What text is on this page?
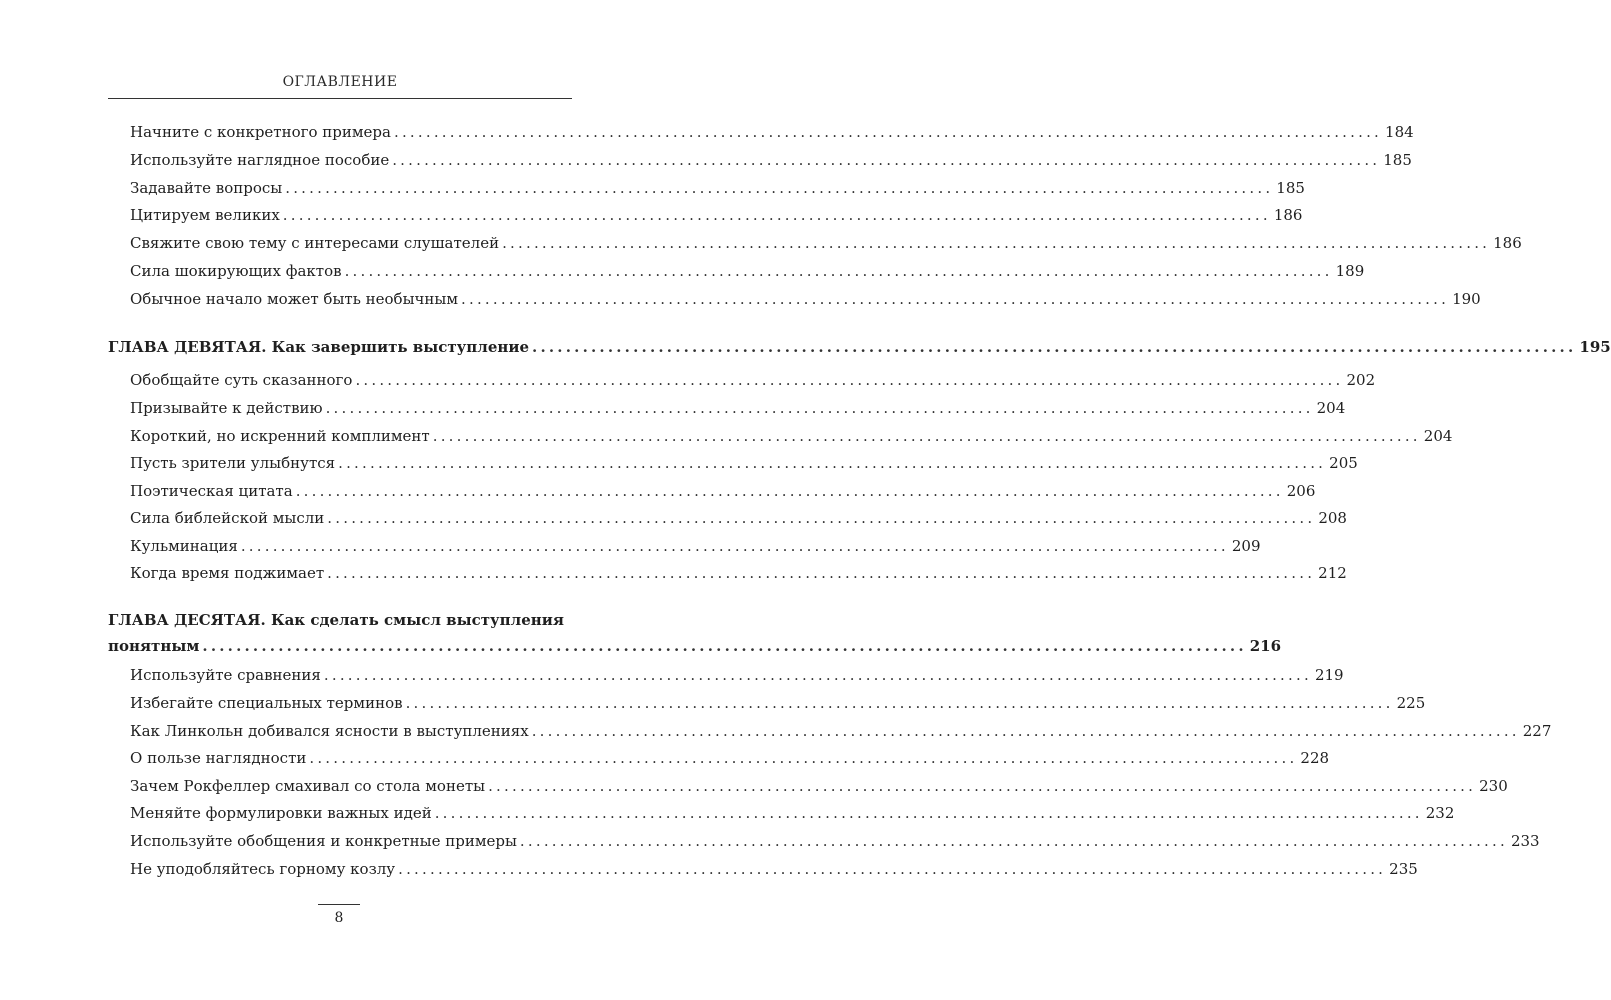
ОГЛАВЛЕНИЕ
Начните с конкретного примера ............................................................................................................................ 184
Используйте наглядное пособие ............................................................................................................................ 185
Задавайте вопросы ............................................................................................................................ 185
Цитируем великих ............................................................................................................................ 186
Свяжите свою тему с интересами слушателей ............................................................................................................................ 186
Сила шокирующих фактов ............................................................................................................................ 189
Обычное начало может быть необычным ............................................................................................................................ 190
ГЛАВА ДЕВЯТАЯ. Как завершить выступление ............................................................................................................................ 195
Обобщайте суть сказанного ............................................................................................................................ 202
Призывайте к действию ............................................................................................................................ 204
Короткий, но искренний комплимент ............................................................................................................................ 204
Пусть зрители улыбнутся ............................................................................................................................ 205
Поэтическая цитата ............................................................................................................................ 206
Сила библейской мысли ............................................................................................................................ 208
Кульминация ............................................................................................................................ 209
Когда время поджимает ............................................................................................................................ 212
ГЛАВА ДЕСЯТАЯ. Как сделать смысл выступления
понятным ............................................................................................................................ 216
Используйте сравнения ............................................................................................................................ 219
Избегайте специальных терминов ............................................................................................................................ 225
Как Линкольн добивался ясности в выступлениях ............................................................................................................................ 227
О пользе наглядности ............................................................................................................................ 228
Зачем Рокфеллер смахивал со стола монеты ............................................................................................................................ 230
Меняйте формулировки важных идей ............................................................................................................................ 232
Используйте обобщения и конкретные примеры ............................................................................................................................ 233
Не уподобляйтесь горному козлу ............................................................................................................................ 235
8
